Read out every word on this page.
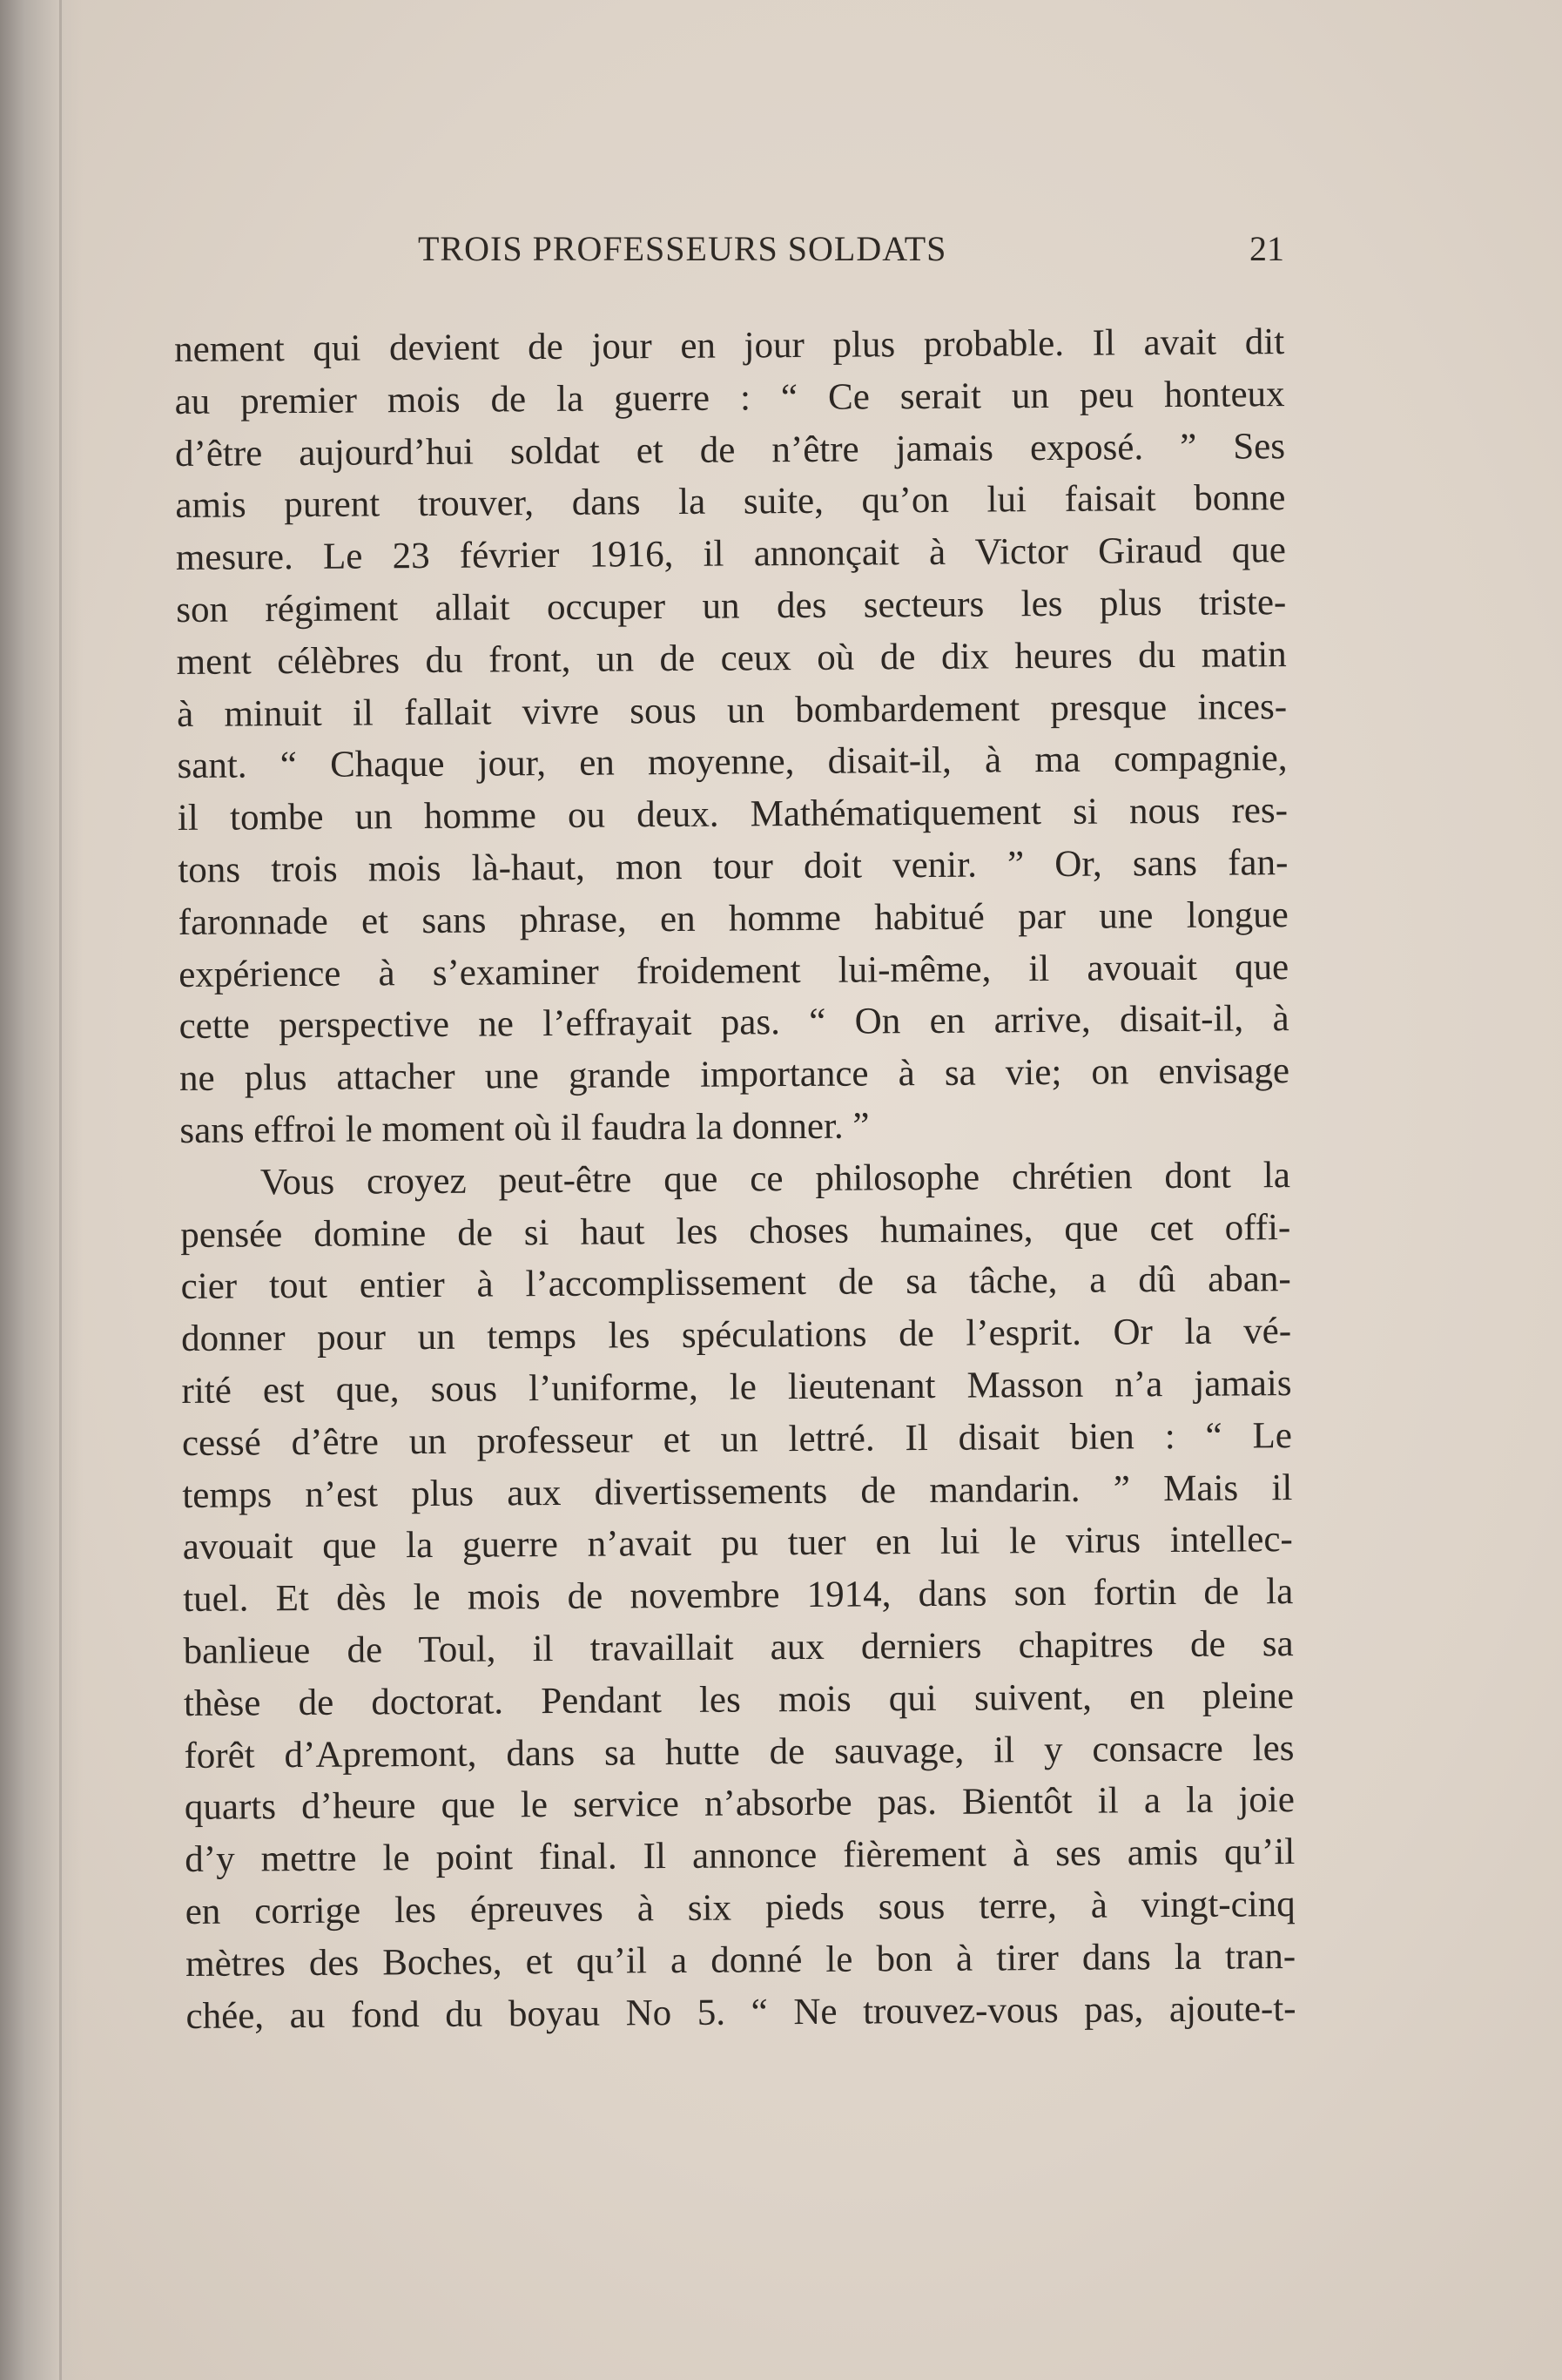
TROIS PROFESSEURS SOLDATS	21
nement qui devient de jour en jour plus probable. Il avait dit
au premier mois de la guerre : “ Ce serait un peu honteux
d’être aujourd’hui soldat et de n’être jamais exposé. ” Ses
amis purent trouver, dans la suite, qu’on lui faisait bonne
mesure. Le 23 février 1916, il annonçait à Victor Giraud que
son régiment allait occuper un des secteurs les plus triste-
ment célèbres du front, un de ceux où de dix heures du matin
à minuit il fallait vivre sous un bombardement presque inces-
sant. “ Chaque jour, en moyenne, disait-il, à ma compagnie,
il tombe un homme ou deux. Mathématiquement si nous res-
tons trois mois là-haut, mon tour doit venir. ” Or, sans fan-
faronnade et sans phrase, en homme habitué par une longue
expérience à s’examiner froidement lui-même, il avouait que
cette perspective ne l’effrayait pas. “ On en arrive, disait-il, à
ne plus attacher une grande importance à sa vie; on envisage
sans effroi le moment où il faudra la donner. ”
Vous croyez peut-être que ce philosophe chrétien dont la
pensée domine de si haut les choses humaines, que cet offi-
cier tout entier à l’accomplissement de sa tâche, a dû aban-
donner pour un temps les spéculations de l’esprit. Or la vé-
rité est que, sous l’uniforme, le lieutenant Masson n’a jamais
cessé d’être un professeur et un lettré. Il disait bien : “ Le
temps n’est plus aux divertissements de mandarin. ” Mais il
avouait que la guerre n’avait pu tuer en lui le virus intellec-
tuel. Et dès le mois de novembre 1914, dans son fortin de la
banlieue de Toul, il travaillait aux derniers chapitres de sa
thèse de doctorat. Pendant les mois qui suivent, en pleine
forêt d’Apremont, dans sa hutte de sauvage, il y consacre les
quarts d’heure que le service n’absorbe pas. Bientôt il a la joie
d’y mettre le point final. Il annonce fièrement à ses amis qu’il
en corrige les épreuves à six pieds sous terre, à vingt-cinq
mètres des Boches, et qu’il a donné le bon à tirer dans la tran-
chée, au fond du boyau No 5. “ Ne trouvez-vous pas, ajoute-t-
